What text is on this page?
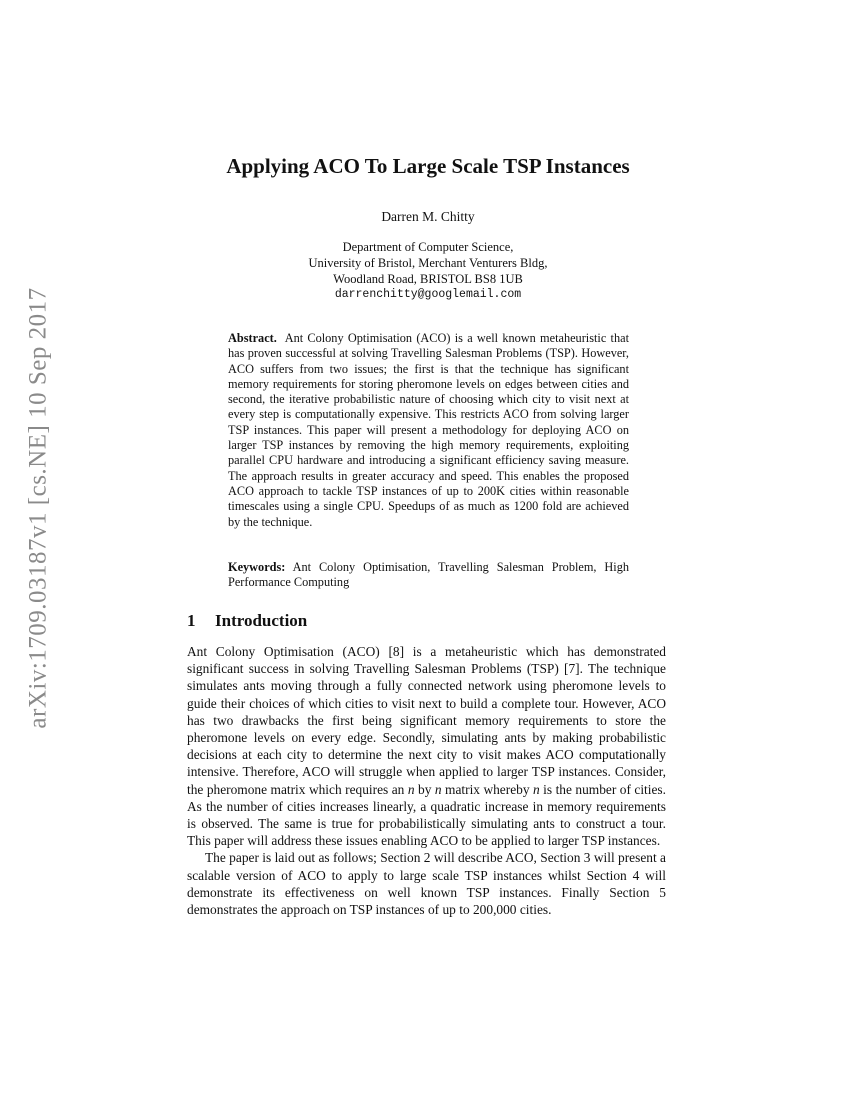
arXiv:1709.03187v1 [cs.NE] 10 Sep 2017
Applying ACO To Large Scale TSP Instances
Darren M. Chitty
Department of Computer Science,
University of Bristol, Merchant Venturers Bldg,
Woodland Road, BRISTOL BS8 1UB
darrenchitty@googlemail.com

Abstract. Ant Colony Optimisation (ACO) is a well known metaheuristic that has proven successful at solving Travelling Salesman Problems (TSP). However, ACO suffers from two issues; the first is that the technique has significant memory requirements for storing pheromone levels on edges between cities and second, the iterative probabilistic nature of choosing which city to visit next at every step is computationally expensive. This restricts ACO from solving larger TSP instances. This paper will present a methodology for deploying ACO on larger TSP instances by removing the high memory requirements, exploiting parallel CPU hardware and introducing a significant efficiency saving measure. The approach results in greater accuracy and speed. This enables the proposed ACO approach to tackle TSP instances of up to 200K cities within reasonable timescales using a single CPU. Speedups of as much as 1200 fold are achieved by the technique.

Keywords: Ant Colony Optimisation, Travelling Salesman Problem, High Performance Computing

1 Introduction

Ant Colony Optimisation (ACO) [8] is a metaheuristic which has demonstrated significant success in solving Travelling Salesman Problems (TSP) [7]. The technique simulates ants moving through a fully connected network using pheromone levels to guide their choices of which cities to visit next to build a complete tour. However, ACO has two drawbacks the first being significant memory requirements to store the pheromone levels on every edge. Secondly, simulating ants by making probabilistic decisions at each city to determine the next city to visit makes ACO computationally intensive. Therefore, ACO will struggle when applied to larger TSP instances. Consider, the pheromone matrix which requires an n by n matrix whereby n is the number of cities. As the number of cities increases linearly, a quadratic increase in memory requirements is observed. The same is true for probabilistically simulating ants to construct a tour. This paper will address these issues enabling ACO to be applied to larger TSP instances.

The paper is laid out as follows; Section 2 will describe ACO, Section 3 will present a scalable version of ACO to apply to large scale TSP instances whilst Section 4 will demonstrate its effectiveness on well known TSP instances. Finally Section 5 demonstrates the approach on TSP instances of up to 200,000 cities.
